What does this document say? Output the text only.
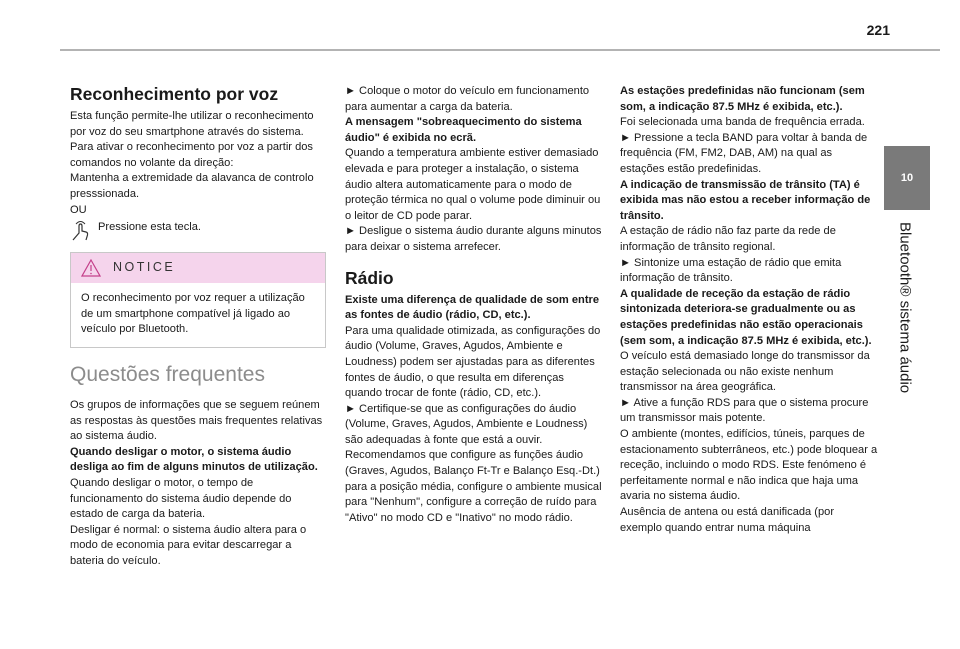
221
10
Bluetooth® sistema áudio
Reconhecimento por voz

Esta função permite-lhe utilizar o reconhecimento por voz do seu smartphone através do sistema.

Para ativar o reconhecimento por voz a partir dos comandos no volante da direção:

Mantenha a extremidade da alavanca de controlo presssionada.

OU

Pressione esta tecla.
NOTICE
O reconhecimento por voz requer a utilização de um smartphone compatível já ligado ao veículo por Bluetooth.
Questões frequentes

Os grupos de informações que se seguem reúnem as respostas às questões mais frequentes relativas ao sistema áudio.

Quando desligar o motor, o sistema áudio desliga ao fim de alguns minutos de utilização.

Quando desligar o motor, o tempo de funcionamento do sistema áudio depende do estado de carga da bateria.

Desligar é normal: o sistema áudio altera para o modo de economia para evitar descarregar a bateria do veículo.

► Coloque o motor do veículo em funcionamento para aumentar a carga da bateria.

A mensagem "sobreaquecimento do sistema áudio" é exibida no ecrã.

Quando a temperatura ambiente estiver demasiado elevada e para proteger a instalação, o sistema áudio altera automaticamente para o modo de proteção térmica no qual o volume pode diminuir ou o leitor de CD pode parar.

► Desligue o sistema áudio durante alguns minutos para deixar o sistema arrefecer.

Rádio

Existe uma diferença de qualidade de som entre as fontes de áudio (rádio, CD, etc.).

Para uma qualidade otimizada, as configurações do áudio (Volume, Graves, Agudos, Ambiente e Loudness) podem ser ajustadas para as diferentes fontes de áudio, o que resulta em diferenças quando trocar de fonte (rádio, CD, etc.).

► Certifique-se que as configurações do áudio (Volume, Graves, Agudos, Ambiente e Loudness) são adequadas à fonte que está a ouvir. Recomendamos que configure as funções áudio (Graves, Agudos, Balanço Ft-Tr e Balanço Esq.-Dt.) para a posição média, configure o ambiente musical para "Nenhum", configure a correção de ruído para "Ativo" no modo CD e "Inativo" no modo rádio.

As estações predefinidas não funcionam (sem som, a indicação 87.5 MHz é exibida, etc.).

Foi selecionada uma banda de frequência errada.

► Pressione a tecla BAND para voltar à banda de frequência (FM, FM2, DAB, AM) na qual as estações estão predefinidas.

A indicação de transmissão de trânsito (TA) é exibida mas não estou a receber informação de trânsito.

A estação de rádio não faz parte da rede de informação de trânsito regional.

► Sintonize uma estação de rádio que emita informação de trânsito.

A qualidade de receção da estação de rádio sintonizada deteriora-se gradualmente ou as estações predefinidas não estão operacionais (sem som, a indicação 87.5 MHz é exibida, etc.).

O veículo está demasiado longe do transmissor da estação selecionada ou não existe nenhum transmissor na área geográfica.

► Ative a função RDS para que o sistema procure um transmissor mais potente.

O ambiente (montes, edifícios, túneis, parques de estacionamento subterrâneos, etc.) pode bloquear a receção, incluindo o modo RDS. Este fenómeno é perfeitamente normal e não indica que haja uma avaria no sistema áudio.

Ausência de antena ou está danificada (por exemplo quando entrar numa máquina
